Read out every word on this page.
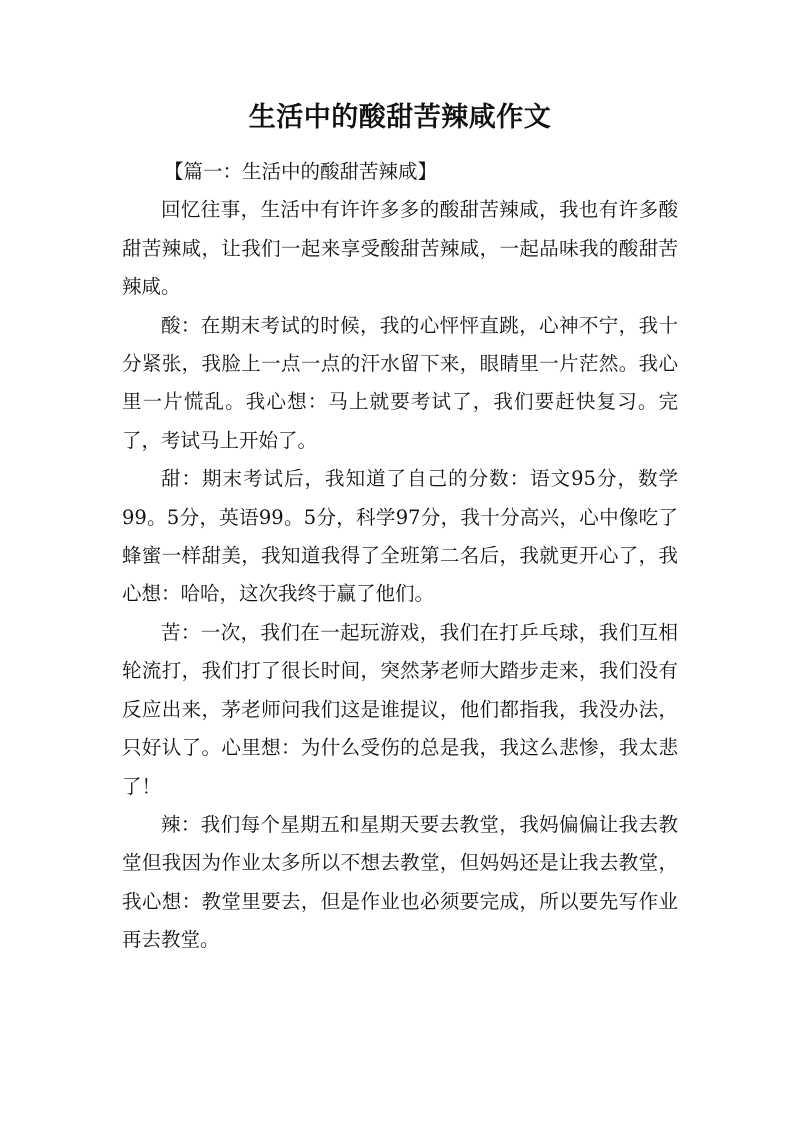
生活中的酸甜苦辣咸作文

【篇一：生活中的酸甜苦辣咸】

回忆往事，生活中有许许多多的酸甜苦辣咸，我也有许多酸甜苦辣咸，让我们一起来享受酸甜苦辣咸，一起品味我的酸甜苦辣咸。

酸：在期末考试的时候，我的心怦怦直跳，心神不宁，我十分紧张，我脸上一点一点的汗水留下来，眼睛里一片茫然。我心里一片慌乱。我心想：马上就要考试了，我们要赶快复习。完了，考试马上开始了。

甜：期末考试后，我知道了自己的分数：语文95分，数学99。5分，英语99。5分，科学97分，我十分高兴，心中像吃了蜂蜜一样甜美，我知道我得了全班第二名后，我就更开心了，我心想：哈哈，这次我终于赢了他们。

苦：一次，我们在一起玩游戏，我们在打乒乓球，我们互相轮流打，我们打了很长时间，突然茅老师大踏步走来，我们没有反应出来，茅老师问我们这是谁提议，他们都指我，我没办法，只好认了。心里想：为什么受伤的总是我，我这么悲惨，我太悲了！

辣：我们每个星期五和星期天要去教堂，我妈偏偏让我去教堂但我因为作业太多所以不想去教堂，但妈妈还是让我去教堂，我心想：教堂里要去，但是作业也必须要完成，所以要先写作业再去教堂。
